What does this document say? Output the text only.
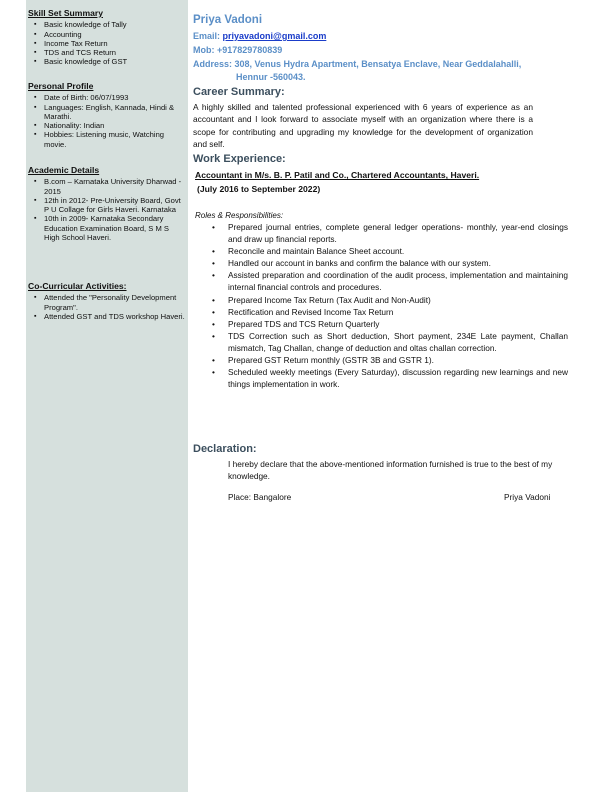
Skill Set Summary
▪ Basic knowledge of Tally
▪ Accounting
▪ Income Tax Return
▪ TDS and TCS Return
▪ Basic knowledge of GST
Personal Profile
▪ Date of Birth: 06/07/1993
▪ Languages: English, Kannada, Hindi & Marathi.
▪ Nationality: Indian
▪ Hobbies: Listening music, Watching movie.
Academic Details
▪ B.com – Karnataka University Dharwad - 2015
▪ 12th in 2012- Pre-University Board, Govt P U Collage for Girls Haveri. Karnataka
▪ 10th in 2009- Karnataka Secondary Education Examination Board, S M S High School Haveri.
Co-Curricular Activities:
▪ Attended the "Personality Development Program".
▪ Attended GST and TDS workshop Haveri.
Priya Vadoni
Email: priyavadoni@gmail.com
Mob: +917829780839
Address: 308, Venus Hydra Apartment, Bensatya Enclave, Near Geddalahalli,
Hennur -560043.
Career Summary:
A highly skilled and talented professional experienced with 6 years of experience as an accountant and I look forward to associate myself with an organization where there is a scope for contributing and upgrading my knowledge for the development of organization and self.
Work Experience:
Accountant in M/s. B. P. Patil and Co., Chartered Accountants, Haveri.
(July 2016 to September 2022)
Roles & Responsibilities:
• Prepared journal entries, complete general ledger operations- monthly, year-end closings and draw up financial reports.
• Reconcile and maintain Balance Sheet account.
• Handled our account in banks and confirm the balance with our system.
• Assisted preparation and coordination of the audit process, implementation and maintaining internal financial controls and procedures.
• Prepared Income Tax Return (Tax Audit and Non-Audit)
• Rectification and Revised Income Tax Return
• Prepared TDS and TCS Return Quarterly
• TDS Correction such as Short deduction, Short payment, 234E Late payment, Challan mismatch, Tag Challan, change of deduction and oltas challan correction.
• Prepared GST Return monthly (GSTR 3B and GSTR 1).
• Scheduled weekly meetings (Every Saturday), discussion regarding new learnings and new things implementation in work.
Declaration:
I hereby declare that the above-mentioned information furnished is true to the best of my knowledge.
Place: Bangalore	Priya Vadoni
